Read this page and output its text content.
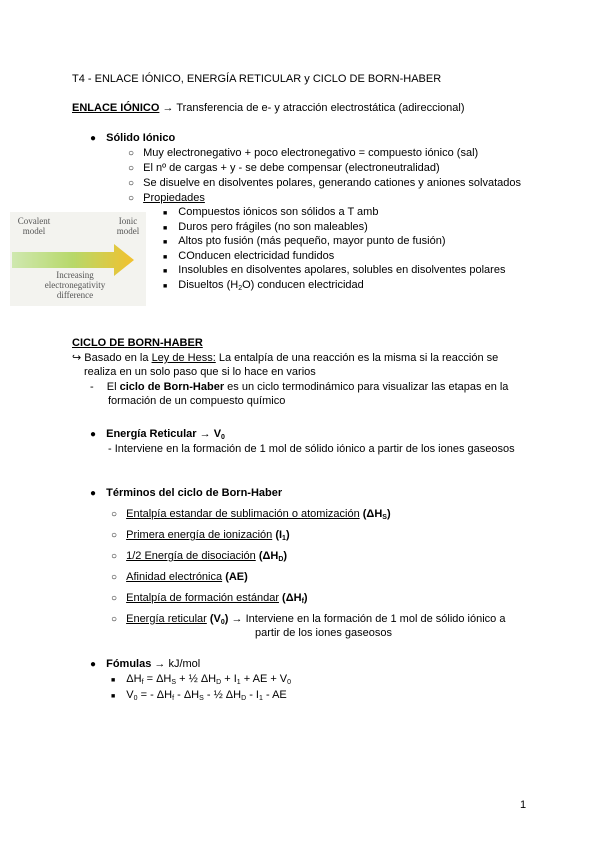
T4 - ENLACE IÓNICO, ENERGÍA RETICULAR y CICLO DE BORN-HABER
ENLACE IÓNICO → Transferencia de e- y atracción electrostática (adireccional)
● Sólido Iónico
○ Muy electronegativo + poco electronegativo = compuesto iónico (sal)
○ El nº de cargas + y - se debe compensar (electroneutralidad)
○ Se disuelve en disolventes polares, generando cationes y aniones solvatados
○ Propiedades
■ Compuestos iónicos son sólidos a T amb
■ Duros pero frágiles (no son maleables)
■ Altos pto fusión (más pequeño, mayor punto de fusión)
■ COnducen electricidad fundidos
■ Insolubles en disolventes apolares, solubles en disolventes polares
■ Disueltos $(H_2O)$ conducen electricidad
Covalent
model
Ionic
model
Increasing
electronegativity
difference
CICLO DE BORN-HABER
↪ Basado en la Ley de Hess: La entalpía de una reacción es la misma si la reacción se
realiza en un solo paso que si lo hace en varios
- El ciclo de Born-Haber es un ciclo termodinámico para visualizar las etapas en la
formación de un compuesto químico
● Energía Reticular → $V_0$
- Interviene en la formación de 1 mol de sólido iónico a partir de los iones gaseosos
● Términos del ciclo de Born-Haber
○ Entalpía estandar de sublimación o atomización $(\Delta H_S)$
○ Primera energía de ionización $(I_1)$
○ 1/2 Energía de disociación $(\Delta H_D)$
○ Afinidad electrónica (AE)
○ Entalpía de formación estándar $(\Delta H_f)$
○ Energía reticular $(V_0)$ → Interviene en la formación de 1 mol de sólido iónico a
partir de los iones gaseosos
● Fómulas → kJ/mol
■ $\Delta H_f = \Delta H_S$ + ½ $\Delta H_D + I_1$ + AE + $V_0$
■ $V_0$ = - $\Delta H_f - \Delta H_S$ - ½ $\Delta H_D - I_1$ - AE
1
